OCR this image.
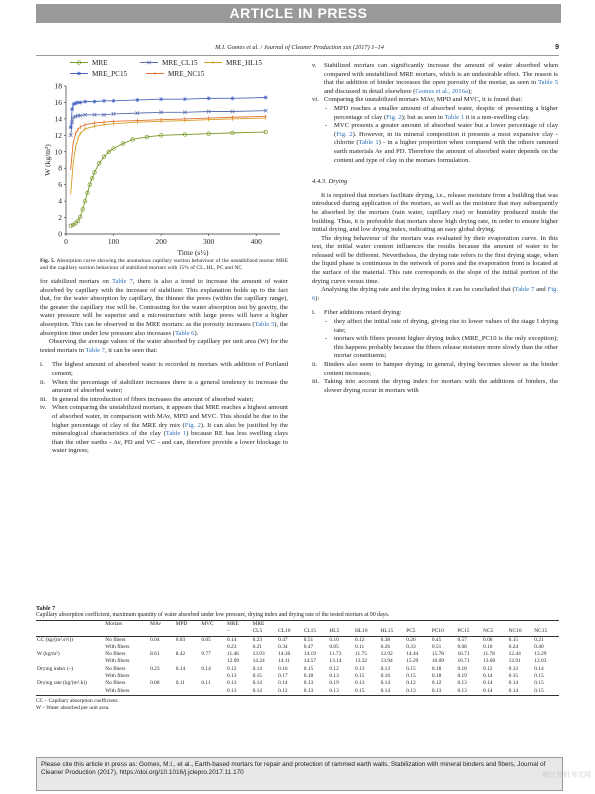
ARTICLE IN PRESS
M.I. Gomes et al. / Journal of Cleaner Production xxx (2017) 1–14	9
0
2
4
6
8
10
12
14
16
18
0	100	200	300	400
Time (s½)
W (kg/m²)
MRE	MRE_CL15	MRE_HL15
MRE_PC15	MRE_NC15

Fig. 5. Absorption curve showing the anomalous capillary suction behaviour of the unstabilized mortar MRE and the capillary suction behaviour of stabilized mortars with 15% of CL, HL, PC and NC

for stabilized mortars on Table 7, there is also a trend to increase the amount of water absorbed by capillary with the increase of stabilizer. This explanation holds up to the fact that, for the water absorption by capillary, the thinner the pores (within the capillary range), the greater the capillary rise will be. Contrasting for the water absorption test by gravity, the water pressure will be superior and a microstructure with large pores will have a higher absorption. This can be observed in the MRE mortars: as the porosity increases (Table 5), the absorption time under low pressure also increases (Table 6).

Observing the average values of the water absorbed by capillary per unit area (W) for the tested mortars in Table 7, it can be seen that:

i. The highest amount of absorbed water is recorded in mortars with addition of Portland cement;
ii. When the percentage of stabilizer increases there is a general tendency to increase the amount of absorbed water;
iii. In general the introduction of fibers increases the amount of absorbed water;
iv. When comparing the unstabilized mortars, it appears that MRE reaches a highest amount of absorbed water, in comparison with MAv, MPD and MVC. This should be due to the higher percentage of clay of the MRE dry mix (Fig. 2). It can also be justified by the mineralogical characteristics of the clay (Table 1) because RE has less swelling clays than the other earths - Av, PD and VC - and can, therefore provide a lower blockage to water ingress;
v. Stabilized mortars can significantly increase the amount of water absorbed when compared with unstabilized MRE mortars, which is an undesirable effect. The reason is that the addition of binder increases the open porosity of the mortar, as seen in Table 5 and discussed in detail elsewhere (Gomes et al., 2016a);
vi. Comparing the unstabilized mortars MAv, MPD and MVC, it is found that:
- MPD reaches a smaller amount of absorbed water, despite of presenting a higher percentage of clay (Fig. 2); but as seen in Table 1 it is a non-swelling clay.
- MVC presents a greater amount of absorbed water but a lower percentage of clay (Fig. 2). However, in its mineral composition it presents a most expansive clay - chlorite (Table 1) - in a higher proportion when compared with the others rammed earth materials Av and PD. Therefore the amount of absorbed water depends on the content and type of clay in the mortars formulation.

4.4.3. Drying

It is required that mortars facilitate drying, i.e., release moisture from a building that was introduced during application of the mortars, as well as the moisture that may subsequently be absorbed by the mortars (rain water, capillary rise) or humidity produced inside the building. Thus, it is preferable that mortars show high drying rate, in order to ensure higher initial drying, and low drying index, indicating an easy global drying.

The drying behaviour of the mortars was evaluated by their evaporation curve. In this test, the initial water content influences the results because the amount of water to be released will be different. Nevertheless, the drying rate refers to the first drying stage, when the liquid phase is continuous in the network of pores and the evaporation front is located at the surface of the material. This rate corresponds to the slope of the initial portion of the drying curve versus time.

Analysing the drying rate and the drying index it can be concluded that (Table 7 and Fig. 6):

i. Fiber additions retard drying:
- they affect the initial rate of drying, giving rise to lower values of the stage I drying rate;
- mortars with fibers present higher drying index (MRE_PC10 is the only exception); this happens probably because the fibers release moisture more slowly than the other mortar constituents;
ii. Binders also seem to hamper drying; in general, drying becomes slower as the binder content increases;
iii. Taking into account the drying index for mortars with the additions of binders, the slower drying occur in mortars with
Table 7
Capillary absorption coefficient, maximum quantity of water absorbed under low pressure, drying index and drying rate of the tested mortars at 90 days.
	Mortars	MAv	MPD	MVC	MRE	MRE											
					–	CL5	CL10	CL15	HL5	HL10	HL15	PC5	PC10	PC15	NC5	NC10	NC15
CC (kg/(m².s½))	No fibers	0.04	0.03	0.05	0.14	0.23	0.47	0.51	0.10	0.12	0.38	0.26	0.45	0.57	0.06	0.15	0.21
	With fibers				0.23	0.21	0.34	0.47	0.05	0.11	0.26	0.33	0.51	0.68	0.10	0.24	0.40
W (kg/m²)	No fibers	8.61	8.42	9.77	11.46	13.93	14.30	14.19	11.73	11.75	13.92	14.44	15.78	16.71	11.78	12.44	13.29
	With fibers				12.99	14.24	14.11	14.57	13.14	13.32	13.94	15.29	16.09	16.71	13.60	12.91	12.03
Drying index (–)	No fibers	0.23	0.14	0.14	0.12	0.14	0.16	0.15	0.12	0.13	0.13	0.15	0.18	0.18	0.12	0.13	0.14
	With fibers				0.13	0.15	0.17	0.18	0.13	0.15	0.16	0.15	0.18	0.19	0.14	0.15	0.15
Drying rate (kg/(m².h))	No fibers	0.08	0.11	0.11	0.13	0.14	0.14	0.13	0.19	0.13	0.14	0.12	0.12	0.13	0.14	0.14	0.15
	With fibers				0.13	0.14	0.12	0.13	0.13	0.15	0.14	0.13	0.13	0.13	0.14	0.14	0.15
CC – Capillary absorption coefficient.
W – Water absorbed per unit area.
Please cite this article in press as: Gomes, M.I., et al., Earth-based mortars for repair and protection of rammed earth walls. Stabilization with mineral binders and fibers, Journal of Cleaner Production (2017), https://doi.org/10.1016/j.jclepro.2017.11.170	微计算机书文网
